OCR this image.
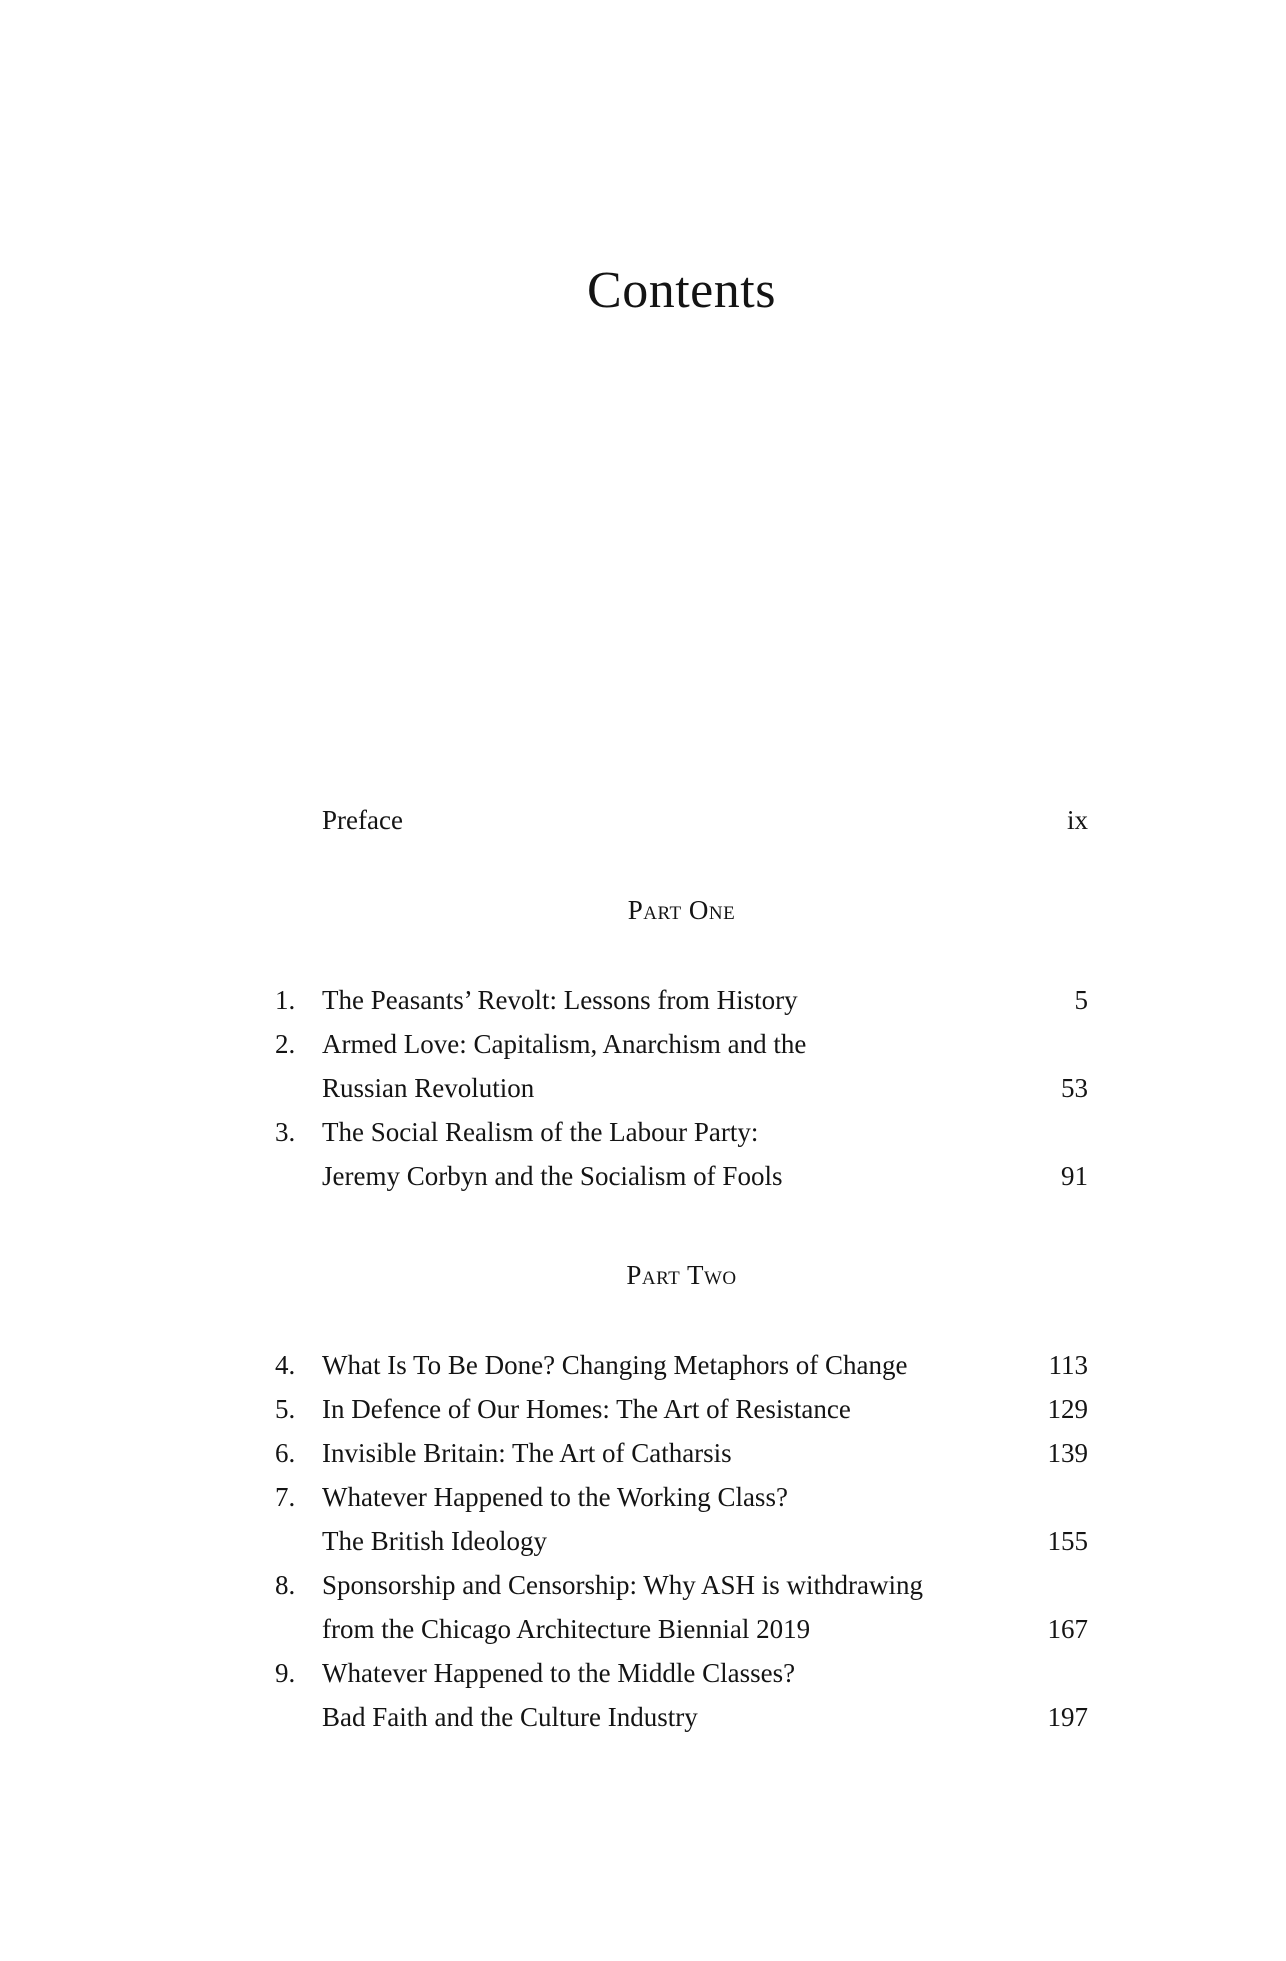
Contents
Preface	ix
Part One
1. The Peasants’ Revolt: Lessons from History	5
2. Armed Love: Capitalism, Anarchism and the
Russian Revolution	53
3. The Social Realism of the Labour Party:
Jeremy Corbyn and the Socialism of Fools	91
Part Two
4. What Is To Be Done? Changing Metaphors of Change	113
5. In Defence of Our Homes: The Art of Resistance	129
6. Invisible Britain: The Art of Catharsis	139
7. Whatever Happened to the Working Class?
The British Ideology	155
8. Sponsorship and Censorship: Why ASH is withdrawing
from the Chicago Architecture Biennial 2019	167
9. Whatever Happened to the Middle Classes?
Bad Faith and the Culture Industry	197
